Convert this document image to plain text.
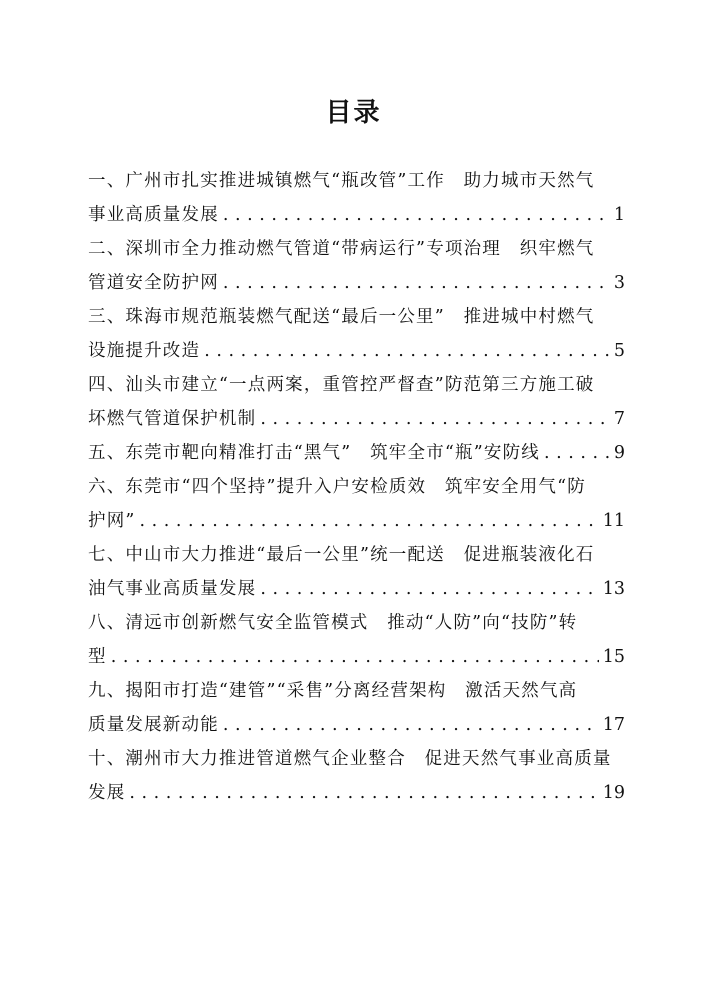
目录
一、广州市扎实推进城镇燃气“瓶改管”工作　助力城市天然气
事业高质量发展 . . .	1
二、深圳市全力推动燃气管道“带病运行”专项治理　织牢燃气
管道安全防护网 . . .	3
三、珠海市规范瓶装燃气配送“最后一公里”　推进城中村燃气
设施提升改造 . . .	5
四、汕头市建立“一点两案，重管控严督查”防范第三方施工破
坏燃气管道保护机制 . . .	7
五、东莞市靶向精准打击“黑气”　筑牢全市“瓶”安防线 . . .	9
六、东莞市“四个坚持”提升入户安检质效　筑牢安全用气“防
护网” . . .	11
七、中山市大力推进“最后一公里”统一配送　促进瓶装液化石
油气事业高质量发展 . . .	13
八、清远市创新燃气安全监管模式　推动“人防”向“技防”转
型 . . .	15
九、揭阳市打造“建管”“采售”分离经营架构　激活天然气高
质量发展新动能 . . .	17
十、潮州市大力推进管道燃气企业整合　促进天然气事业高质量
发展 . . .	19
